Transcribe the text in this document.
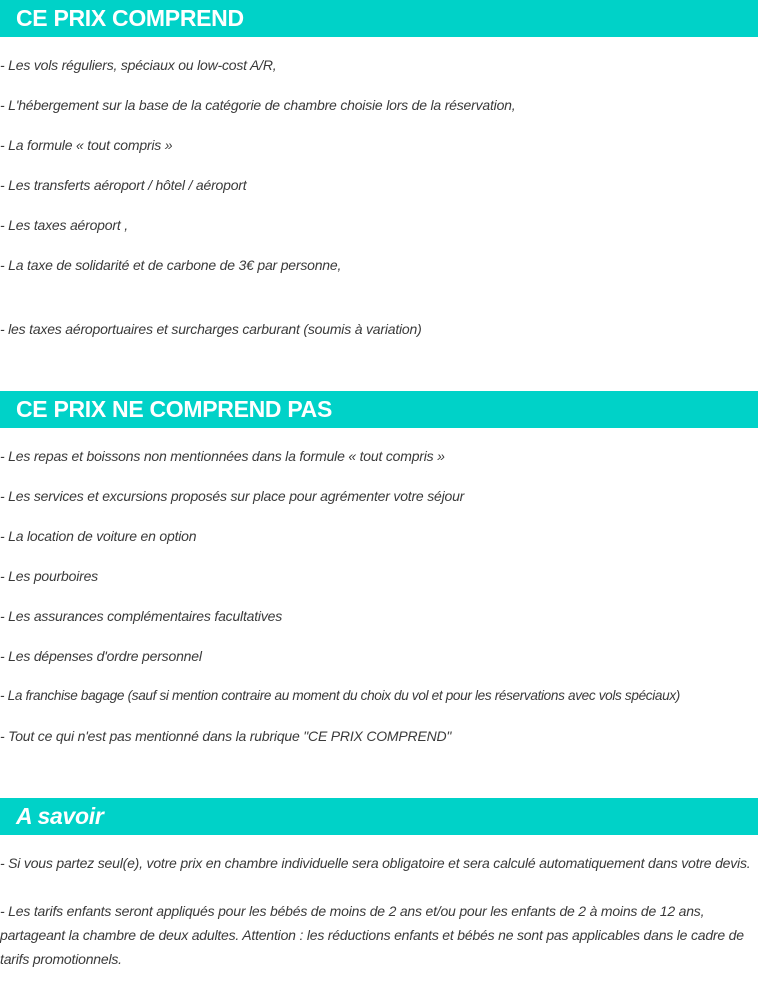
CE PRIX COMPREND
- Les vols réguliers, spéciaux ou low-cost A/R,
- L'hébergement sur la base de la catégorie de chambre choisie lors de la réservation,
- La formule « tout compris »
- Les transferts aéroport / hôtel / aéroport
- Les taxes aéroport ,
- La taxe de solidarité et de carbone de 3€ par personne,
- les taxes aéroportuaires et surcharges carburant (soumis à variation)
CE PRIX NE COMPREND PAS
- Les repas et boissons non mentionnées dans la formule « tout compris »
- Les services et excursions proposés sur place pour agrémenter votre séjour
- La location de voiture en option
- Les pourboires
- Les assurances complémentaires facultatives
- Les dépenses d'ordre personnel
- La franchise bagage (sauf si mention contraire au moment du choix du vol et pour les réservations avec vols spéciaux)
- Tout ce qui n'est pas mentionné dans la rubrique "CE PRIX COMPREND"
A savoir
- Si vous partez seul(e), votre prix en chambre individuelle sera obligatoire et sera calculé automatiquement dans votre devis.
- Les tarifs enfants seront appliqués pour les bébés de moins de 2 ans et/ou pour les enfants de 2 à moins de 12 ans, partageant la chambre de deux adultes. Attention : les réductions enfants et bébés ne sont pas applicables dans le cadre de tarifs promotionnels.
